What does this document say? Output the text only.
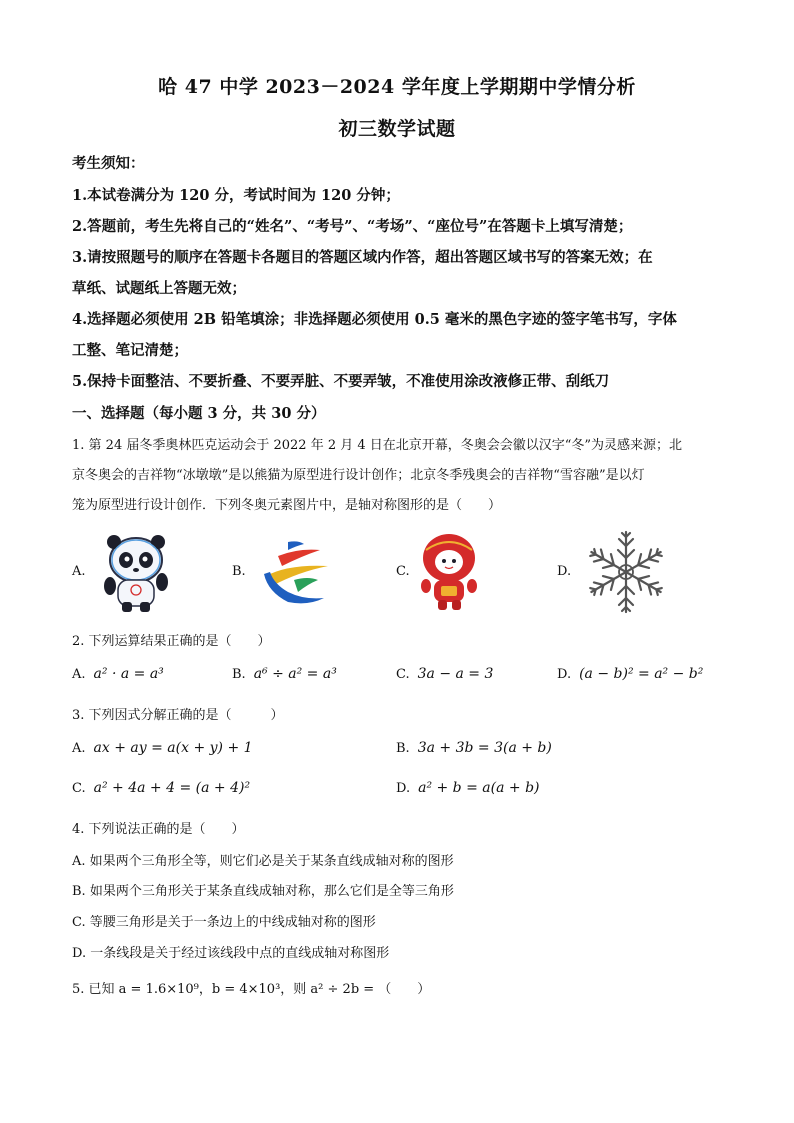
哈 47 中学 2023－2024 学年度上学期期中学情分析
初三数学试题
考生须知：
1.本试卷满分为 120 分，考试时间为 120 分钟；
2.答题前，考生先将自己的“姓名”、“考号”、“考场”、“座位号”在答题卡上填写清楚；
3.请按照题号的顺序在答题卡各题目的答题区域内作答，超出答题区域书写的答案无效；在
草纸、试题纸上答题无效；
4.选择题必须使用 2B 铅笔填涂；非选择题必须使用 0.5 毫米的黑色字迹的签字笔书写，字体
工整、笔记清楚；
5.保持卡面整洁、不要折叠、不要弄脏、不要弄皱，不准使用涂改液修正带、刮纸刀
一、选择题（每小题 3 分，共 30 分）
1. 第 24 届冬季奥林匹克运动会于 2022 年 2 月 4 日在北京开幕，冬奥会会徽以汉字“冬”为灵感来源；北
京冬奥会的吉祥物“冰墩墩”是以熊猫为原型进行设计创作；北京冬季残奥会的吉祥物“雪容融”是以灯
笼为原型进行设计创作．下列冬奥元素图片中，是轴对称图形的是（　　）
A.	B.	C.	D.
2. 下列运算结果正确的是（　　）
A. a² · a = a³	B. a⁶ ÷ a² = a³	C. 3a − a = 3	D. (a − b)² = a² − b²
3. 下列因式分解正确的是（　　　）
A. ax + ay = a(x + y) + 1	B. 3a + 3b = 3(a + b)
C. a² + 4a + 4 = (a + 4)²	D. a² + b = a(a + b)
4. 下列说法正确的是（　　）
A. 如果两个三角形全等，则它们必是关于某条直线成轴对称的图形
B. 如果两个三角形关于某条直线成轴对称，那么它们是全等三角形
C. 等腰三角形是关于一条边上的中线成轴对称的图形
D. 一条线段是关于经过该线段中点的直线成轴对称图形
5. 已知 a = 1.6×10⁹，b = 4×10³，则 a² ÷ 2b = （　　）
